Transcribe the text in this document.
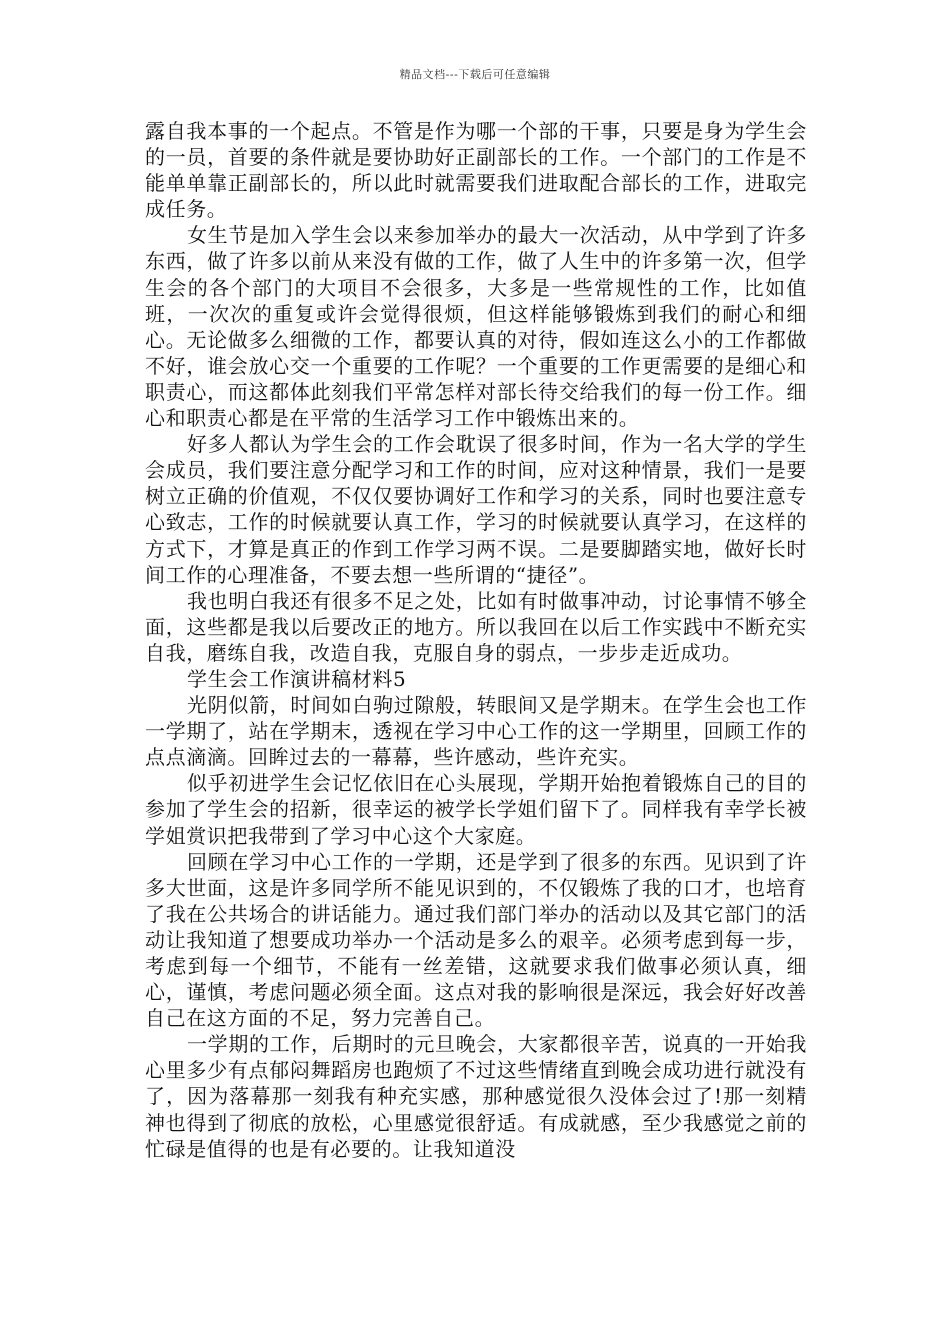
精品文档---下载后可任意编辑

露自我本事的一个起点。不管是作为哪一个部的干事，只要是身为学生会的一员，首要的条件就是要协助好正副部长的工作。一个部门的工作是不能单单靠正副部长的，所以此时就需要我们进取配合部长的工作，进取完成任务。

女生节是加入学生会以来参加举办的最大一次活动，从中学到了许多东西，做了许多以前从来没有做的工作，做了人生中的许多第一次，但学生会的各个部门的大项目不会很多，大多是一些常规性的工作，比如值班，一次次的重复或许会觉得很烦，但这样能够锻炼到我们的耐心和细心。无论做多么细微的工作，都要认真的对待，假如连这么小的工作都做不好，谁会放心交一个重要的工作呢？一个重要的工作更需要的是细心和职责心，而这都体此刻我们平常怎样对部长待交给我们的每一份工作。细心和职责心都是在平常的生活学习工作中锻炼出来的。

好多人都认为学生会的工作会耽误了很多时间，作为一名大学的学生会成员，我们要注意分配学习和工作的时间，应对这种情景，我们一是要树立正确的价值观，不仅仅要协调好工作和学习的关系，同时也要注意专心致志，工作的时候就要认真工作，学习的时候就要认真学习，在这样的方式下，才算是真正的作到工作学习两不误。二是要脚踏实地，做好长时间工作的心理准备，不要去想一些所谓的“捷径”。

我也明白我还有很多不足之处，比如有时做事冲动，讨论事情不够全面，这些都是我以后要改正的地方。所以我回在以后工作实践中不断充实自我，磨练自我，改造自我，克服自身的弱点，一步步走近成功。

学生会工作演讲稿材料5

光阴似箭，时间如白驹过隙般，转眼间又是学期末。在学生会也工作一学期了，站在学期末，透视在学习中心工作的这一学期里，回顾工作的点点滴滴。回眸过去的一幕幕，些许感动，些许充实。

似乎初进学生会记忆依旧在心头展现，学期开始抱着锻炼自己的目的参加了学生会的招新，很幸运的被学长学姐们留下了。同样我有幸学长被学姐赏识把我带到了学习中心这个大家庭。

回顾在学习中心工作的一学期，还是学到了很多的东西。见识到了许多大世面，这是许多同学所不能见识到的，不仅锻炼了我的口才，也培育了我在公共场合的讲话能力。通过我们部门举办的活动以及其它部门的活动让我知道了想要成功举办一个活动是多么的艰辛。必须考虑到每一步，考虑到每一个细节，不能有一丝差错，这就要求我们做事必须认真，细心，谨慎，考虑问题必须全面。这点对我的影响很是深远，我会好好改善自己在这方面的不足，努力完善自己。

一学期的工作，后期时的元旦晚会，大家都很辛苦，说真的一开始我心里多少有点郁闷舞蹈房也跑烦了不过这些情绪直到晚会成功进行就没有了，因为落幕那一刻我有种充实感，那种感觉很久没体会过了!那一刻精神也得到了彻底的放松，心里感觉很舒适。有成就感，至少我感觉之前的忙碌是值得的也是有必要的。让我知道没
